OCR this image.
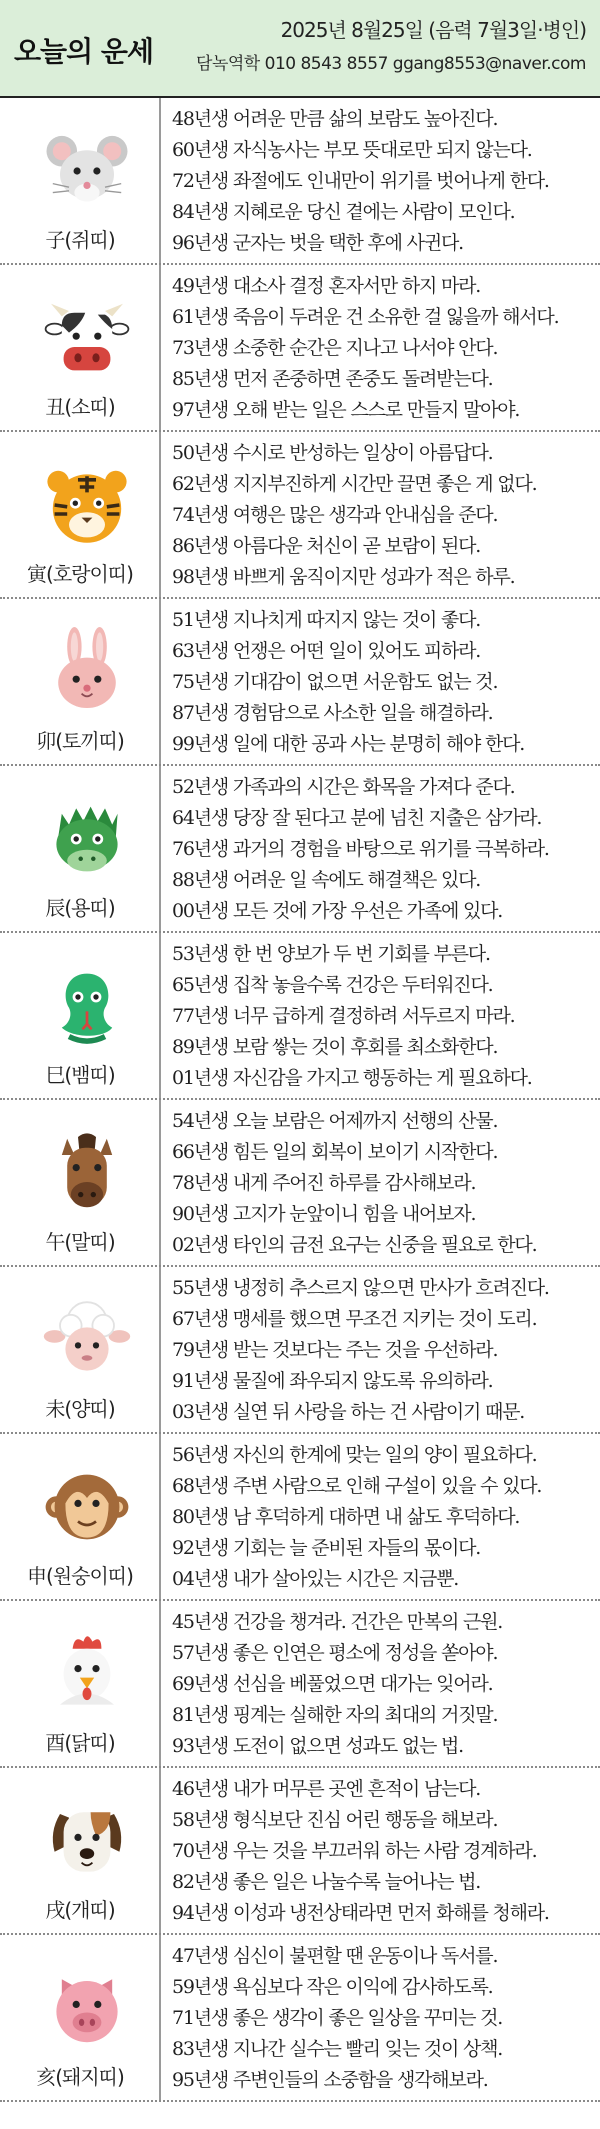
오늘의 운세
2025년 8월25일 (음력 7월3일·병인)
담녹역학 010 8543 8557 ggang8553@naver.com
子(쥐띠)
48년생 어려운 만큼 삶의 보람도 높아진다.
60년생 자식농사는 부모 뜻대로만 되지 않는다.
72년생 좌절에도 인내만이 위기를 벗어나게 한다.
84년생 지혜로운 당신 곁에는 사람이 모인다.
96년생 군자는 벗을 택한 후에 사귄다.
丑(소띠)
49년생 대소사 결정 혼자서만 하지 마라.
61년생 죽음이 두려운 건 소유한 걸 잃을까 해서다.
73년생 소중한 순간은 지나고 나서야 안다.
85년생 먼저 존중하면 존중도 돌려받는다.
97년생 오해 받는 일은 스스로 만들지 말아야.
寅(호랑이띠)
50년생 수시로 반성하는 일상이 아름답다.
62년생 지지부진하게 시간만 끌면 좋은 게 없다.
74년생 여행은 많은 생각과 안내심을 준다.
86년생 아름다운 처신이 곧 보람이 된다.
98년생 바쁘게 움직이지만 성과가 적은 하루.
卯(토끼띠)
51년생 지나치게 따지지 않는 것이 좋다.
63년생 언쟁은 어떤 일이 있어도 피하라.
75년생 기대감이 없으면 서운함도 없는 것.
87년생 경험담으로 사소한 일을 해결하라.
99년생 일에 대한 공과 사는 분명히 해야 한다.
辰(용띠)
52년생 가족과의 시간은 화목을 가져다 준다.
64년생 당장 잘 된다고 분에 넘친 지출은 삼가라.
76년생 과거의 경험을 바탕으로 위기를 극복하라.
88년생 어려운 일 속에도 해결책은 있다.
00년생 모든 것에 가장 우선은 가족에 있다.
巳(뱀띠)
53년생 한 번 양보가 두 번 기회를 부른다.
65년생 집착 놓을수록 건강은 두터워진다.
77년생 너무 급하게 결정하려 서두르지 마라.
89년생 보람 쌓는 것이 후회를 최소화한다.
01년생 자신감을 가지고 행동하는 게 필요하다.
午(말띠)
54년생 오늘 보람은 어제까지 선행의 산물.
66년생 힘든 일의 회복이 보이기 시작한다.
78년생 내게 주어진 하루를 감사해보라.
90년생 고지가 눈앞이니 힘을 내어보자.
02년생 타인의 금전 요구는 신중을 필요로 한다.
未(양띠)
55년생 냉정히 추스르지 않으면 만사가 흐려진다.
67년생 맹세를 했으면 무조건 지키는 것이 도리.
79년생 받는 것보다는 주는 것을 우선하라.
91년생 물질에 좌우되지 않도록 유의하라.
03년생 실연 뒤 사랑을 하는 건 사람이기 때문.
申(원숭이띠)
56년생 자신의 한계에 맞는 일의 양이 필요하다.
68년생 주변 사람으로 인해 구설이 있을 수 있다.
80년생 남 후덕하게 대하면 내 삶도 후덕하다.
92년생 기회는 늘 준비된 자들의 몫이다.
04년생 내가 살아있는 시간은 지금뿐.
酉(닭띠)
45년생 건강을 챙겨라. 건간은 만복의 근원.
57년생 좋은 인연은 평소에 정성을 쏟아야.
69년생 선심을 베풀었으면 대가는 잊어라.
81년생 핑계는 실해한 자의 최대의 거짓말.
93년생 도전이 없으면 성과도 없는 법.
戌(개띠)
46년생 내가 머무른 곳엔 흔적이 남는다.
58년생 형식보단 진심 어린 행동을 해보라.
70년생 우는 것을 부끄러워 하는 사람 경계하라.
82년생 좋은 일은 나눌수록 늘어나는 법.
94년생 이성과 냉전상태라면 먼저 화해를 청해라.
亥(돼지띠)
47년생 심신이 불편할 땐 운동이나 독서를.
59년생 욕심보다 작은 이익에 감사하도록.
71년생 좋은 생각이 좋은 일상을 꾸미는 것.
83년생 지나간 실수는 빨리 잊는 것이 상책.
95년생 주변인들의 소중함을 생각해보라.
